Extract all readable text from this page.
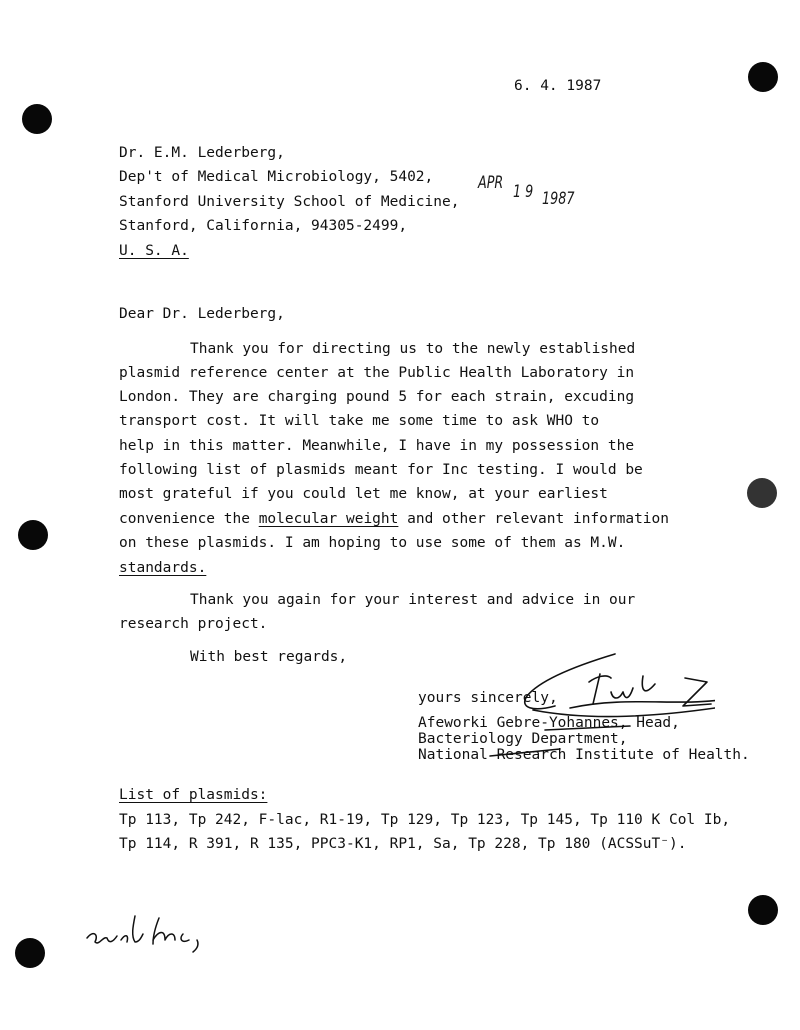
6. 4. 1987
Dr. E.M. Lederberg,
Dep't of Medical Microbiology, 5402,
Stanford University School of Medicine,
Stanford, California, 94305-2499,
U. S. A.
APR 1 9 1987
Dear Dr. Lederberg,
Thank you for directing us to the newly established
plasmid reference center at the Public Health Laboratory in
London. They are charging pound 5 for each strain, excuding
transport cost. It will take me some time to ask WHO to
help in this matter. Meanwhile, I have in my possession the
following list of plasmids meant for Inc testing. I would be
most grateful if you could let me know, at your earliest
convenience the molecular weight and other relevant information
on these plasmids. I am hoping to use some of them as M.W.
standards.
Thank you again for your interest and advice in our
research project.
With best regards,
yours sincerely,
Afeworki Gebre-Yohannes, Head,
Bacteriology Department,
National Research Institute of Health.
List of plasmids:
Tp 113, Tp 242, F-lac, R1-19, Tp 129, Tp 123, Tp 145, Tp 110 K Col Ib,
Tp 114, R 391, R 135, PPC3-K1, RP1, Sa, Tp 228, Tp 180 (ACSSuT⁻).
